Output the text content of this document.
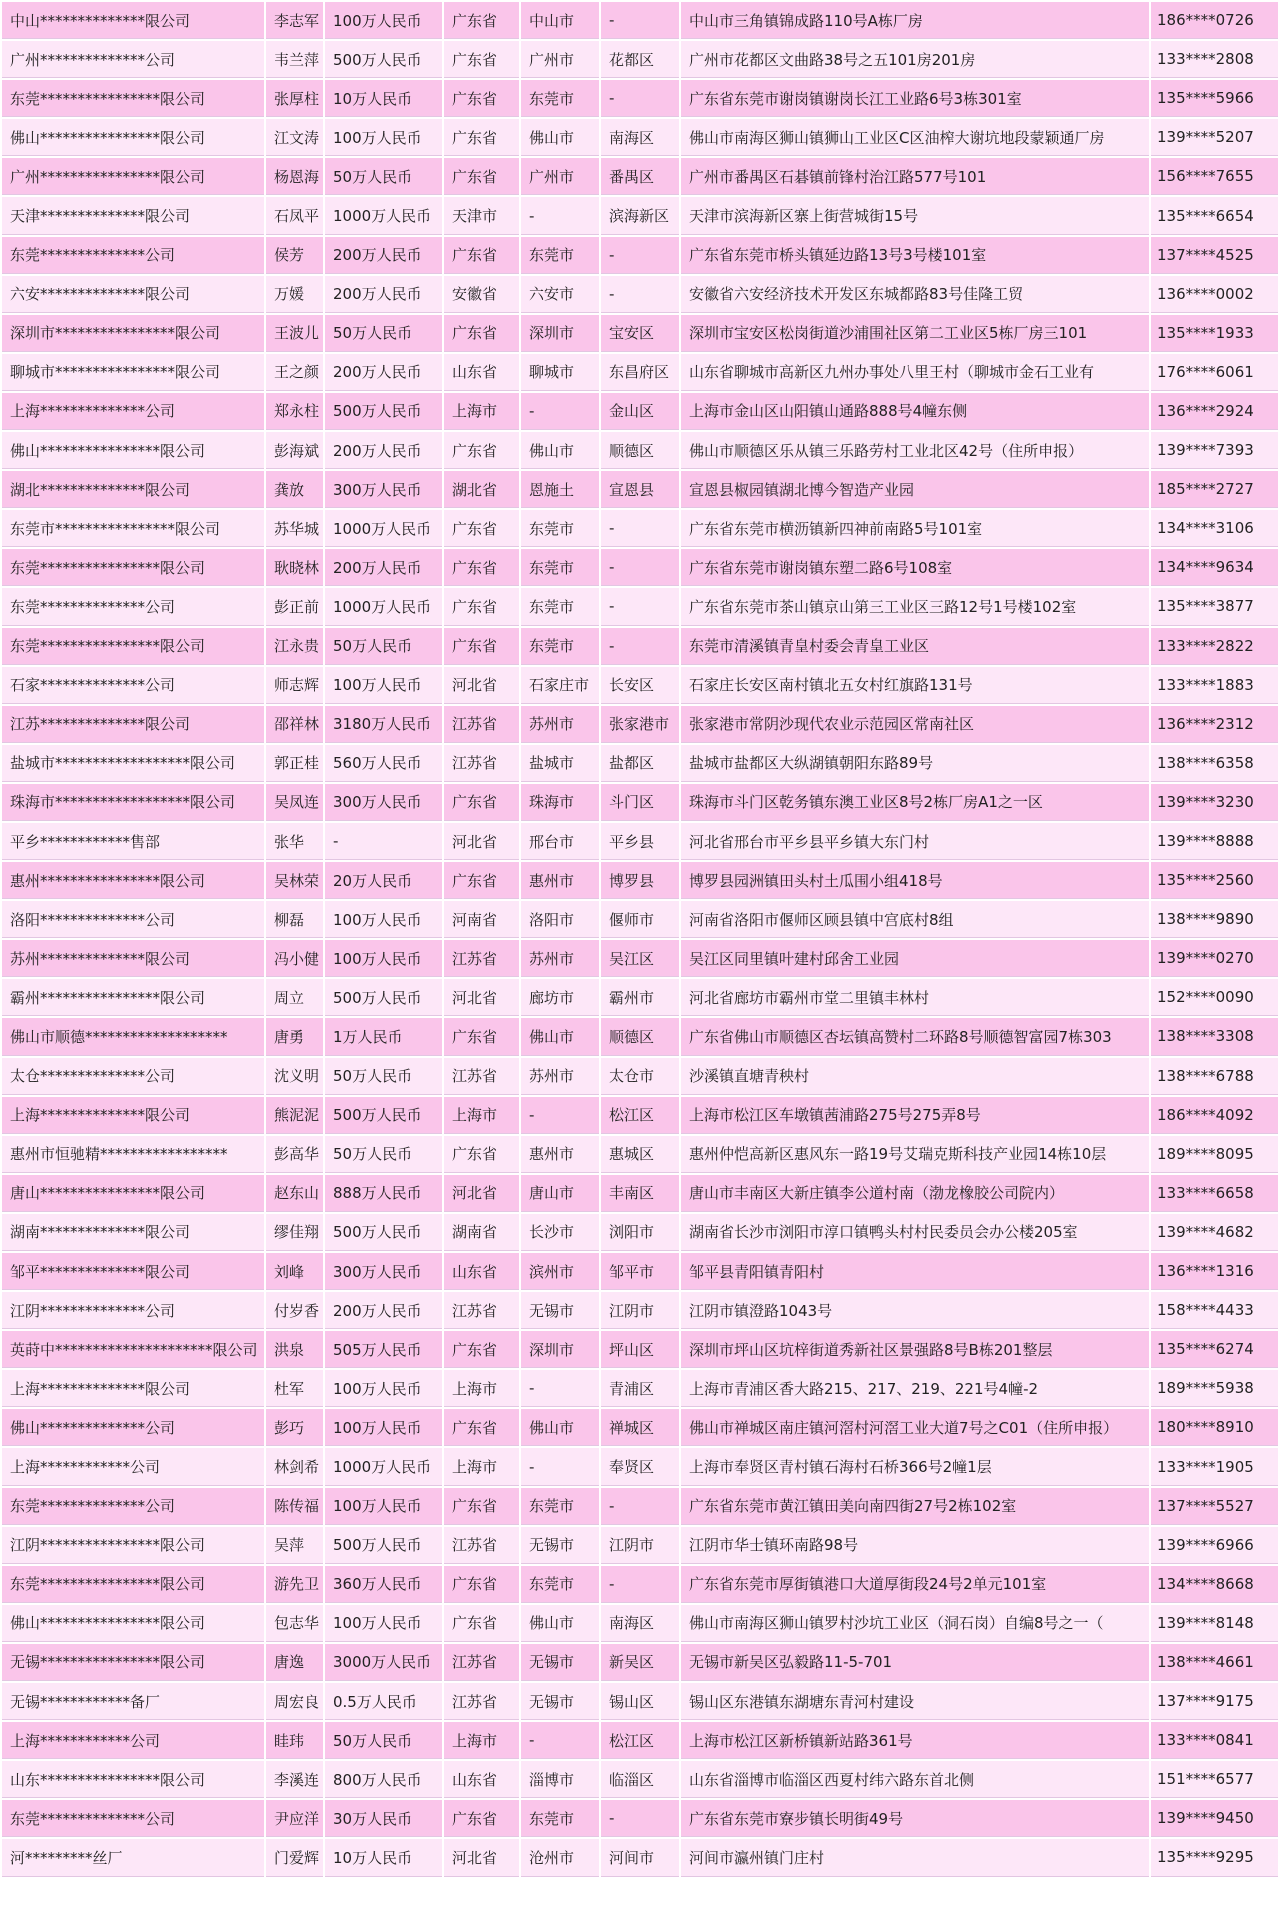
中山**************限公司	李志军	100万人民币	广东省	中山市	-	中山市三角镇锦成路110号A栋厂房	186****0726
广州**************公司	韦兰萍	500万人民币	广东省	广州市	花都区	广州市花都区文曲路38号之五101房201房	133****2808
东莞****************限公司	张厚柱	10万人民币	广东省	东莞市	-	广东省东莞市谢岗镇谢岗长江工业路6号3栋301室	135****5966
佛山****************限公司	江文涛	100万人民币	广东省	佛山市	南海区	佛山市南海区狮山镇狮山工业区C区油榨大谢坑地段蒙颖通厂房	139****5207
广州****************限公司	杨恩海	50万人民币	广东省	广州市	番禺区	广州市番禺区石碁镇前锋村治江路577号101	156****7655
天津**************限公司	石凤平	1000万人民币	天津市	-	滨海新区	天津市滨海新区寨上街营城街15号	135****6654
东莞**************公司	侯芳	200万人民币	广东省	东莞市	-	广东省东莞市桥头镇延边路13号3号楼101室	137****4525
六安**************限公司	万媛	200万人民币	安徽省	六安市	-	安徽省六安经济技术开发区东城都路83号佳隆工贸	136****0002
深圳市****************限公司	王波儿	50万人民币	广东省	深圳市	宝安区	深圳市宝安区松岗街道沙浦围社区第二工业区5栋厂房三101	135****1933
聊城市****************限公司	王之颜	200万人民币	山东省	聊城市	东昌府区	山东省聊城市高新区九州办事处八里王村（聊城市金石工业有	176****6061
上海**************公司	郑永柱	500万人民币	上海市	-	金山区	上海市金山区山阳镇山通路888号4幢东侧	136****2924
佛山****************限公司	彭海斌	200万人民币	广东省	佛山市	顺德区	佛山市顺德区乐从镇三乐路劳村工业北区42号（住所申报）	139****7393
湖北**************限公司	龚放	300万人民币	湖北省	恩施土	宣恩县	宣恩县椒园镇湖北博今智造产业园	185****2727
东莞市****************限公司	苏华城	1000万人民币	广东省	东莞市	-	广东省东莞市横沥镇新四神前南路5号101室	134****3106
东莞****************限公司	耿晓林	200万人民币	广东省	东莞市	-	广东省东莞市谢岗镇东塑二路6号108室	134****9634
东莞**************公司	彭正前	1000万人民币	广东省	东莞市	-	广东省东莞市茶山镇京山第三工业区三路12号1号楼102室	135****3877
东莞****************限公司	江永贵	50万人民币	广东省	东莞市	-	东莞市清溪镇青皇村委会青皇工业区	133****2822
石家**************公司	师志辉	100万人民币	河北省	石家庄市	长安区	石家庄长安区南村镇北五女村红旗路131号	133****1883
江苏**************限公司	邵祥林	3180万人民币	江苏省	苏州市	张家港市	张家港市常阴沙现代农业示范园区常南社区	136****2312
盐城市******************限公司	郭正桂	560万人民币	江苏省	盐城市	盐都区	盐城市盐都区大纵湖镇朝阳东路89号	138****6358
珠海市******************限公司	吴凤连	300万人民币	广东省	珠海市	斗门区	珠海市斗门区乾务镇东澳工业区8号2栋厂房A1之一区	139****3230
平乡************售部	张华	-	河北省	邢台市	平乡县	河北省邢台市平乡县平乡镇大东门村	139****8888
惠州****************限公司	吴林荣	20万人民币	广东省	惠州市	博罗县	博罗县园洲镇田头村土瓜围小组418号	135****2560
洛阳**************公司	柳磊	100万人民币	河南省	洛阳市	偃师市	河南省洛阳市偃师区顾县镇中宫底村8组	138****9890
苏州**************限公司	冯小健	100万人民币	江苏省	苏州市	吴江区	吴江区同里镇叶建村邱舍工业园	139****0270
霸州****************限公司	周立	500万人民币	河北省	廊坊市	霸州市	河北省廊坊市霸州市堂二里镇丰林村	152****0090
佛山市顺德*******************	唐勇	1万人民币	广东省	佛山市	顺德区	广东省佛山市顺德区杏坛镇高赞村二环路8号顺德智富园7栋303	138****3308
太仓**************公司	沈义明	50万人民币	江苏省	苏州市	太仓市	沙溪镇直塘青秧村	138****6788
上海**************限公司	熊泥泥	500万人民币	上海市	-	松江区	上海市松江区车墩镇茜浦路275号275弄8号	186****4092
惠州市恒驰精*****************	彭高华	50万人民币	广东省	惠州市	惠城区	惠州仲恺高新区惠风东一路19号艾瑞克斯科技产业园14栋10层	189****8095
唐山****************限公司	赵东山	888万人民币	河北省	唐山市	丰南区	唐山市丰南区大新庄镇李公道村南（渤龙橡胶公司院内）	133****6658
湖南**************限公司	缪佳翔	500万人民币	湖南省	长沙市	浏阳市	湖南省长沙市浏阳市淳口镇鸭头村村民委员会办公楼205室	139****4682
邹平**************限公司	刘峰	300万人民币	山东省	滨州市	邹平市	邹平县青阳镇青阳村	136****1316
江阴**************公司	付岁香	200万人民币	江苏省	无锡市	江阴市	江阴市镇澄路1043号	158****4433
英莳中*********************限公司	洪泉	505万人民币	广东省	深圳市	坪山区	深圳市坪山区坑梓街道秀新社区景强路8号B栋201整层	135****6274
上海**************限公司	杜军	100万人民币	上海市	-	青浦区	上海市青浦区香大路215、217、219、221号4幢-2	189****5938
佛山**************公司	彭巧	100万人民币	广东省	佛山市	禅城区	佛山市禅城区南庄镇河滘村河滘工业大道7号之C01（住所申报）	180****8910
上海************公司	林剑希	1000万人民币	上海市	-	奉贤区	上海市奉贤区青村镇石海村石桥366号2幢1层	133****1905
东莞**************公司	陈传福	100万人民币	广东省	东莞市	-	广东省东莞市黄江镇田美向南四街27号2栋102室	137****5527
江阴****************限公司	吴萍	500万人民币	江苏省	无锡市	江阴市	江阴市华士镇环南路98号	139****6966
东莞****************限公司	游先卫	360万人民币	广东省	东莞市	-	广东省东莞市厚街镇港口大道厚街段24号2单元101室	134****8668
佛山****************限公司	包志华	100万人民币	广东省	佛山市	南海区	佛山市南海区狮山镇罗村沙坑工业区（洞石岗）自编8号之一（	139****8148
无锡****************限公司	唐逸	3000万人民币	江苏省	无锡市	新吴区	无锡市新吴区弘毅路11-5-701	138****4661
无锡************备厂	周宏良	0.5万人民币	江苏省	无锡市	锡山区	锡山区东港镇东湖塘东青河村建设	137****9175
上海************公司	眭玮	50万人民币	上海市	-	松江区	上海市松江区新桥镇新站路361号	133****0841
山东****************限公司	李溪连	800万人民币	山东省	淄博市	临淄区	山东省淄博市临淄区西夏村纬六路东首北侧	151****6577
东莞**************公司	尹应洋	30万人民币	广东省	东莞市	-	广东省东莞市寮步镇长明街49号	139****9450
河*********丝厂	门爱辉	10万人民币	河北省	沧州市	河间市	河间市瀛州镇门庄村	135****9295
